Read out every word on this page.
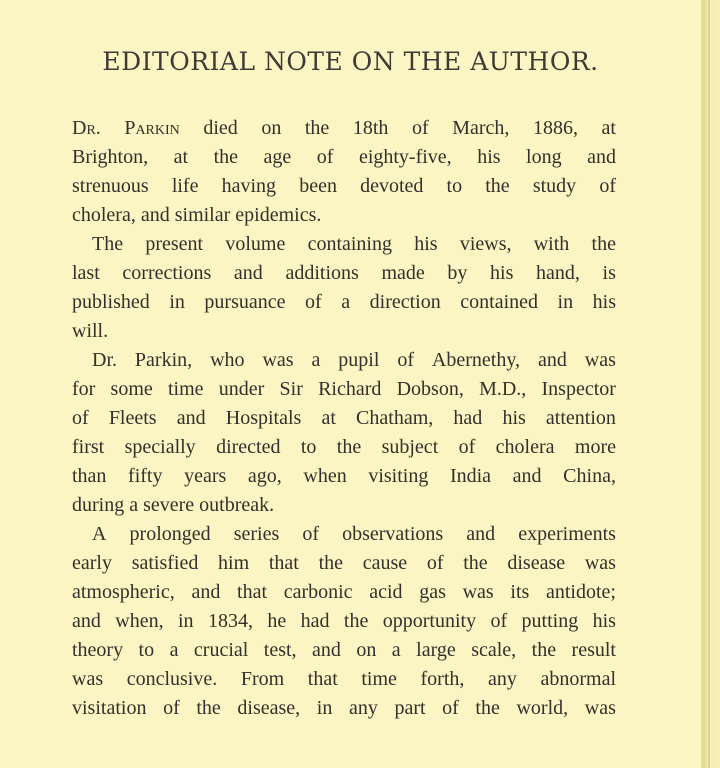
EDITORIAL NOTE ON THE AUTHOR.
Dr. Parkin died on the 18th of March, 1886, at
Brighton, at the age of eighty-five, his long and
strenuous life having been devoted to the study of
cholera, and similar epidemics.
The present volume containing his views, with the
last corrections and additions made by his hand, is
published in pursuance of a direction contained in his
will.
Dr. Parkin, who was a pupil of Abernethy, and was
for some time under Sir Richard Dobson, M.D., Inspector
of Fleets and Hospitals at Chatham, had his attention
first specially directed to the subject of cholera more
than fifty years ago, when visiting India and China,
during a severe outbreak.
A prolonged series of observations and experiments
early satisfied him that the cause of the disease was
atmospheric, and that carbonic acid gas was its antidote;
and when, in 1834, he had the opportunity of putting his
theory to a crucial test, and on a large scale, the result
was conclusive. From that time forth, any abnormal
visitation of the disease, in any part of the world, was
